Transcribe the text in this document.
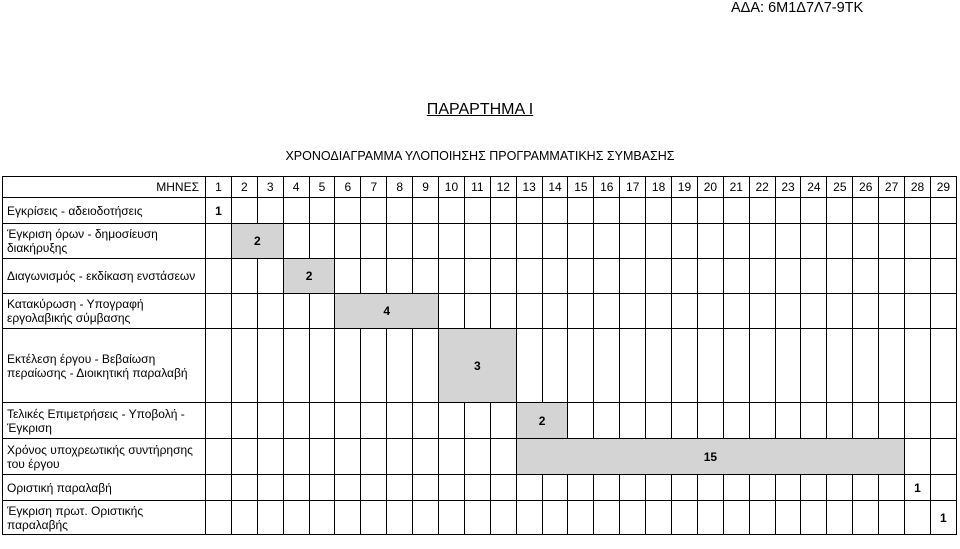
ΑΔΑ: 6Μ1Δ7Λ7-9ΤΚ
ΠΑΡΑΡΤΗΜΑ Ι
ΧΡΟΝΟΔΙΑΓΡΑΜΜΑ ΥΛΟΠΟΙΗΣΗΣ ΠΡΟΓΡΑΜΜΑΤΙΚΗΣ ΣΥΜΒΑΣΗΣ
ΜΗΝΕΣ	1	2	3	4	5	6	7	8	9	10	11	12	13	14	15	16	17	18	19	20	21	22	23	24	25	26	27	28	29
Εγκρίσεις - αδειοδοτήσεις	1																												
Έγκριση όρων - δημοσίευση διακήρυξης		2																											
Διαγωνισμός - εκδίκαση ενστάσεων				2																									
Κατακύρωση - Υπογραφή εργολαβικής σύμβασης						4																							
Εκτέλεση έργου - Βεβαίωση περαίωσης - Διοικητική παραλαβή										3																			
Τελικές Επιμετρήσεις - Υποβολή - Έγκριση													2																
Χρόνος υποχρεωτικής συντήρησης του έργου													15																
Οριστική παραλαβή																												1	
Έγκριση πρωτ. Οριστικής παραλαβής																													1
